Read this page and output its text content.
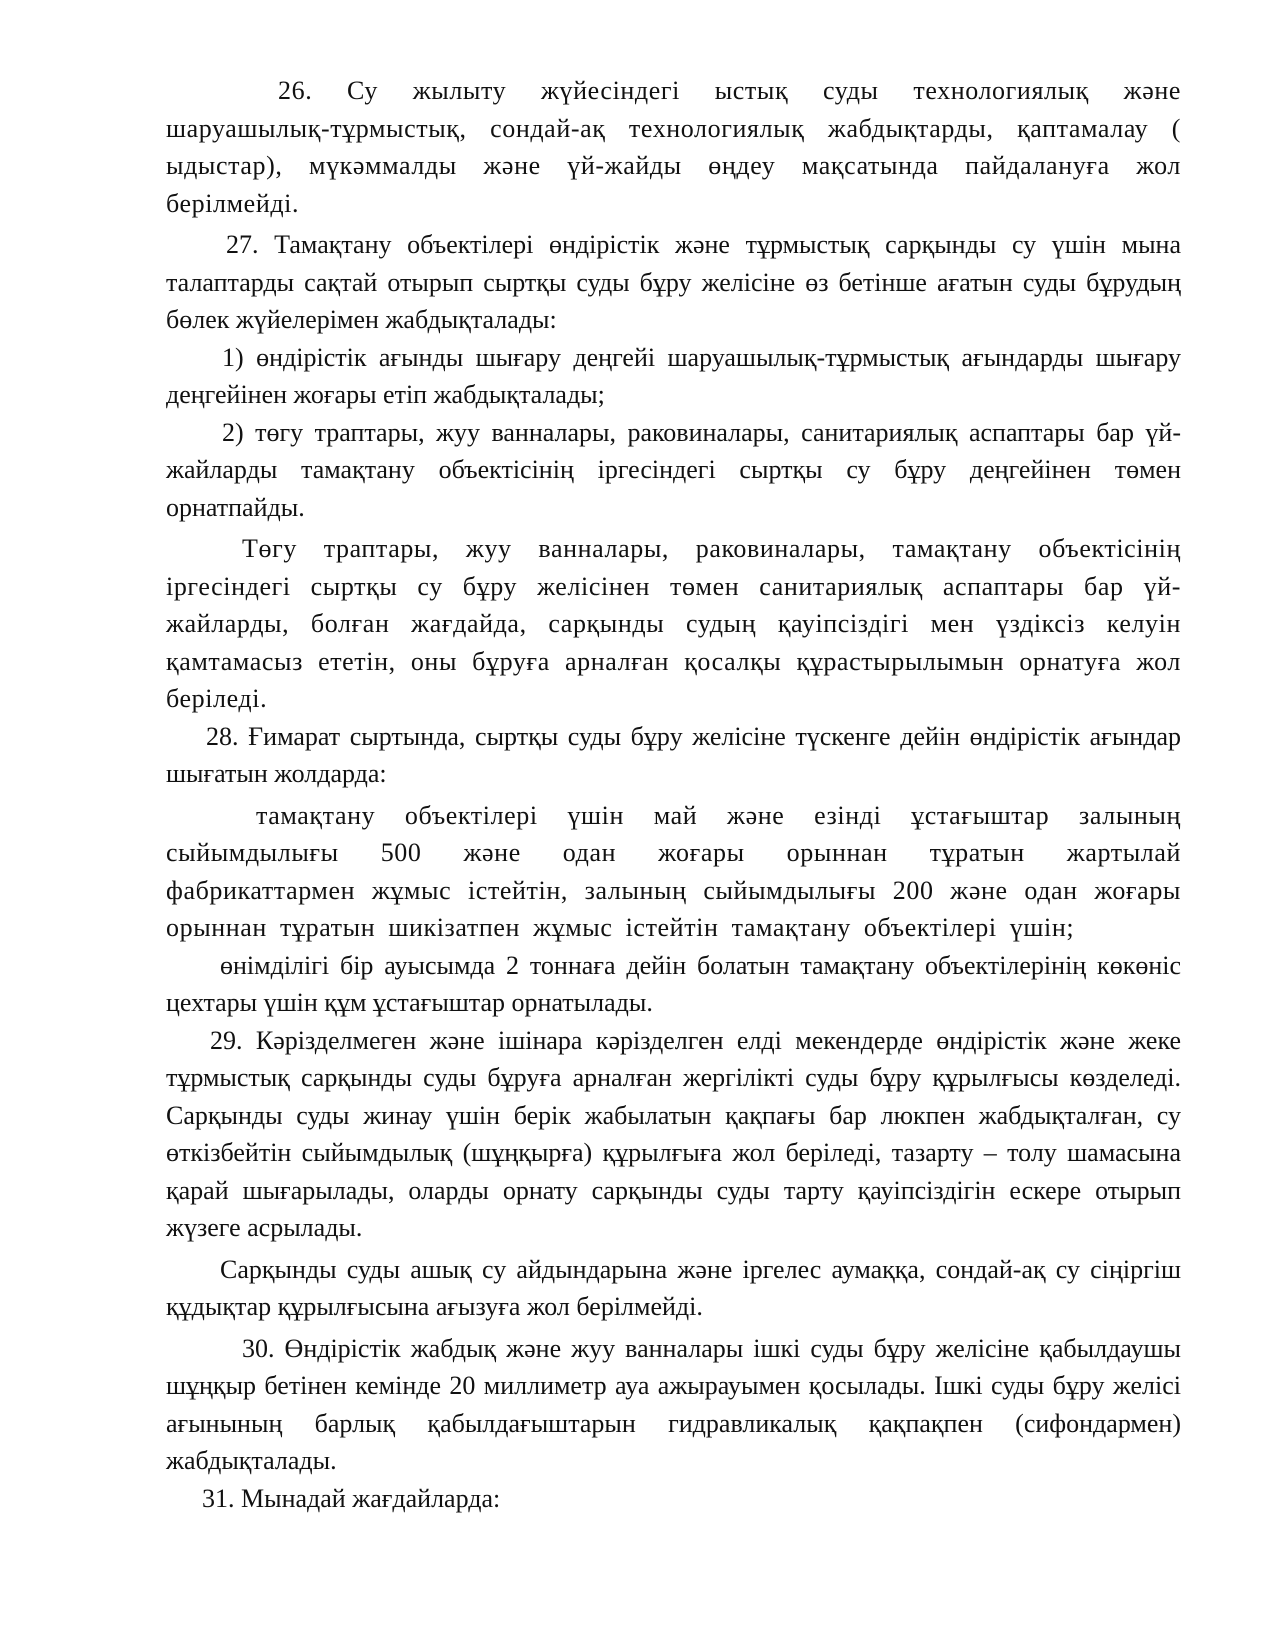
26. Су жылыту жүйесіндегі ыстық суды технологиялық және шаруашылық-тұрмыстық, сондай-ақ технологиялық жабдықтарды, қаптамалау ( ыдыстар), мүкәммалды және үй-жайды өңдеу мақсатында пайдалануға жол берілмейді.

27. Тамақтану объектілері өндірістік және тұрмыстық сарқынды су үшін мына талаптарды сақтай отырып сыртқы суды бұру желісіне өз бетінше ағатын суды бұрудың бөлек жүйелерімен жабдықталады:

1) өндірістік ағынды шығару деңгейі шаруашылық-тұрмыстық ағындарды шығару деңгейінен жоғары етіп жабдықталады;

2) төгу траптары, жуу ванналары, раковиналары, санитариялық аспаптары бар үй-жайларды тамақтану объектісінің іргесіндегі сыртқы су бұру деңгейінен төмен орнатпайды.

Төгу траптары, жуу ванналары, раковиналары, тамақтану объектісінің іргесіндегі сыртқы су бұру желісінен төмен санитариялық аспаптары бар үй-жайларды, болған жағдайда, сарқынды судың қауіпсіздігі мен үздіксіз келуін қамтамасыз ететін, оны бұруға арналған қосалқы құрастырылымын орнатуға жол беріледі.

28. Ғимарат сыртында, сыртқы суды бұру желісіне түскенге дейін өндірістік ағындар шығатын жолдарда:

тамақтану объектілері үшін май және езінді ұстағыштар залының сыйымдылығы 500 және одан жоғары орыннан тұратын жартылай фабрикаттармен жұмыс істейтін, залының сыйымдылығы 200 және одан жоғары орыннан тұратын шикізатпен жұмыс істейтін тамақтану объектілері үшін;

өнімділігі бір ауысымда 2 тоннаға дейін болатын тамақтану объектілерінің көкөніс цехтары үшін құм ұстағыштар орнатылады.

29. Кәрізделмеген және ішінара кәрізделген елді мекендерде өндірістік және жеке тұрмыстық сарқынды суды бұруға арналған жергілікті суды бұру құрылғысы көзделеді. Сарқынды суды жинау үшін берік жабылатын қақпағы бар люкпен жабдықталған, су өткізбейтін сыйымдылық (шұңқырға) құрылғыға жол беріледі, тазарту – толу шамасына қарай шығарылады, оларды орнату сарқынды суды тарту қауіпсіздігін ескере отырып жүзеге асрылады.

Сарқынды суды ашық су айдындарына және іргелес аумаққа, сондай-ақ су сіңіргіш құдықтар құрылғысына ағызуға жол берілмейді.

30. Өндірістік жабдық және жуу ванналары ішкі суды бұру желісіне қабылдаушы шұңқыр бетінен кемінде 20 миллиметр ауа ажырауымен қосылады. Ішкі суды бұру желісі ағынының барлық қабылдағыштарын гидравликалық қақпақпен (сифондармен) жабдықталады.

31. Мынадай жағдайларда:
